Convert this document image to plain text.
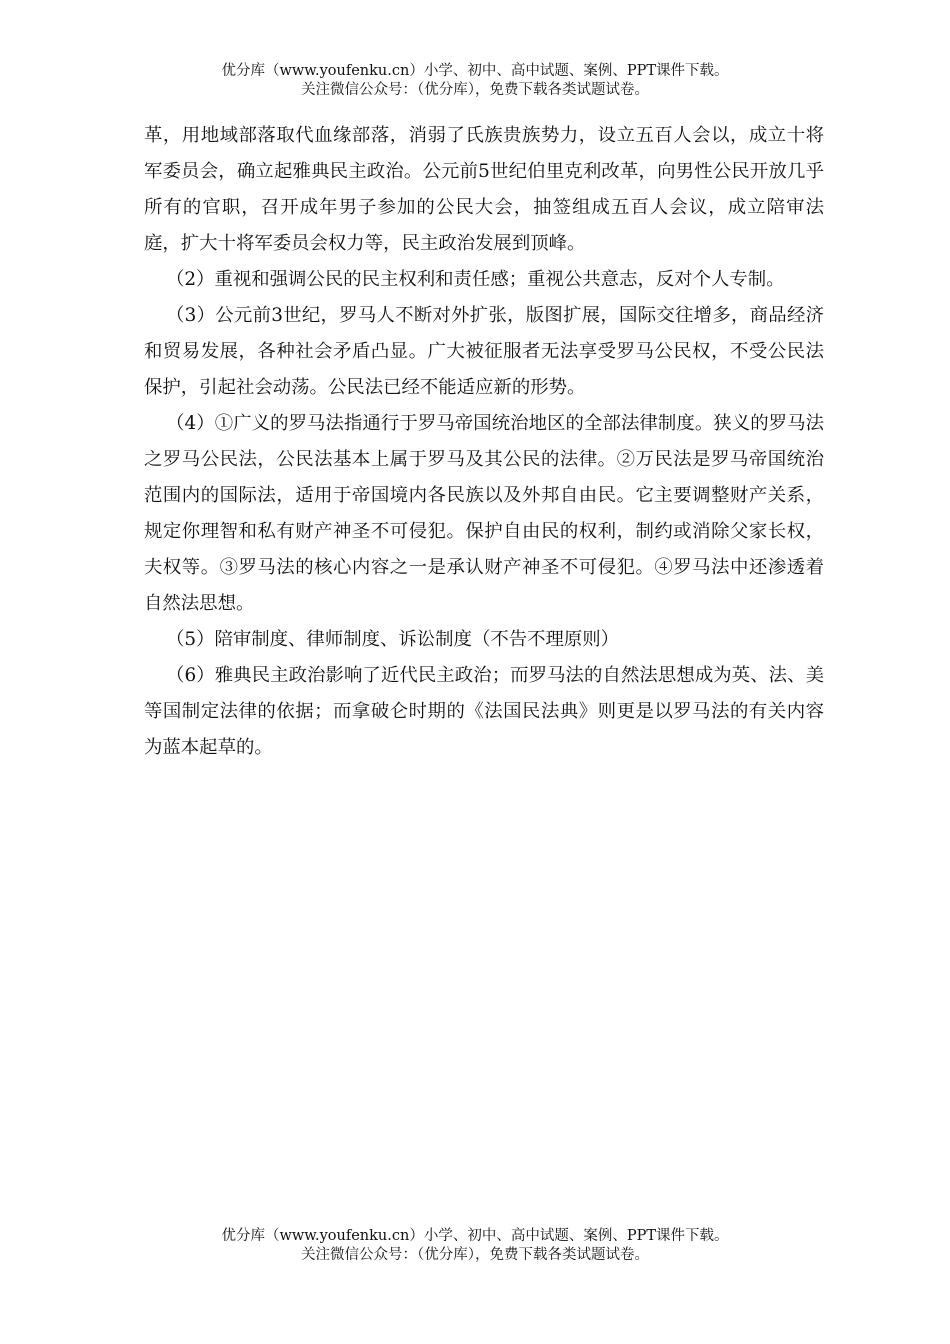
优分库（www.youfenku.cn）小学、初中、高中试题、案例、PPT课件下载。
关注微信公众号：（优分库），免费下载各类试题试卷。

革，用地域部落取代血缘部落，消弱了氏族贵族势力，设立五百人会以，成立十将军委员会，确立起雅典民主政治。公元前5世纪伯里克利改革，向男性公民开放几乎所有的官职，召开成年男子参加的公民大会，抽签组成五百人会议，成立陪审法庭，扩大十将军委员会权力等，民主政治发展到顶峰。

（2）重视和强调公民的民主权利和责任感；重视公共意志，反对个人专制。

（3）公元前3世纪，罗马人不断对外扩张，版图扩展，国际交往增多，商品经济和贸易发展，各种社会矛盾凸显。广大被征服者无法享受罗马公民权，不受公民法保护，引起社会动荡。公民法已经不能适应新的形势。

（4）①广义的罗马法指通行于罗马帝国统治地区的全部法律制度。狭义的罗马法之罗马公民法，公民法基本上属于罗马及其公民的法律。②万民法是罗马帝国统治范围内的国际法，适用于帝国境内各民族以及外邦自由民。它主要调整财产关系，规定你理智和私有财产神圣不可侵犯。保护自由民的权利，制约或消除父家长权，夫权等。③罗马法的核心内容之一是承认财产神圣不可侵犯。④罗马法中还渗透着自然法思想。

（5）陪审制度、律师制度、诉讼制度（不告不理原则）

（6）雅典民主政治影响了近代民主政治；而罗马法的自然法思想成为英、法、美等国制定法律的依据；而拿破仑时期的《法国民法典》则更是以罗马法的有关内容为蓝本起草的。

优分库（www.youfenku.cn）小学、初中、高中试题、案例、PPT课件下载。
关注微信公众号：（优分库），免费下载各类试题试卷。
